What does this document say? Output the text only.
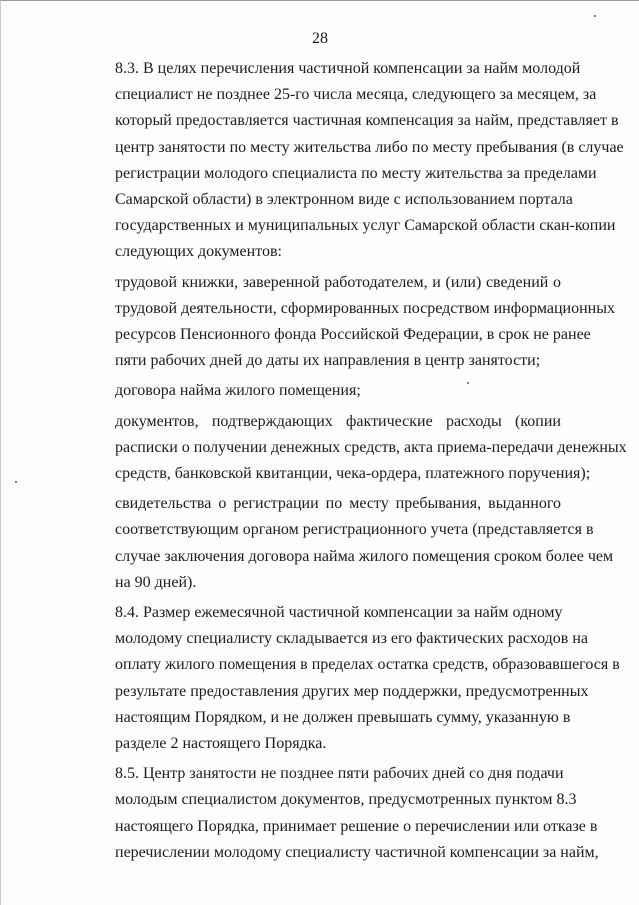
28
8.3. В целях перечисления частичной компенсации за найм молодой
специалист не позднее 25-го числа месяца, следующего за месяцем, за
который предоставляется частичная компенсация за найм, представляет в
центр занятости по месту жительства либо по месту пребывания (в случае
регистрации молодого специалиста по месту жительства за пределами
Самарской области) в электронном виде с использованием портала
государственных и муниципальных услуг Самарской области скан-копии
следующих документов:
трудовой книжки, заверенной работодателем, и (или) сведений о
трудовой деятельности, сформированных посредством информационных
ресурсов Пенсионного фонда Российской Федерации, в срок не ранее
пяти рабочих дней до даты их направления в центр занятости;
договора найма жилого помещения;
документов, подтверждающих фактические расходы (копии
расписки о получении денежных средств, акта приема-передачи денежных
средств, банковской квитанции, чека-ордера, платежного поручения);
свидетельства о регистрации по месту пребывания, выданного
соответствующим органом регистрационного учета (представляется в
случае заключения договора найма жилого помещения сроком более чем
на 90 дней).
8.4. Размер ежемесячной частичной компенсации за найм одному
молодому специалисту складывается из его фактических расходов на
оплату жилого помещения в пределах остатка средств, образовавшегося в
результате предоставления других мер поддержки, предусмотренных
настоящим Порядком, и не должен превышать сумму, указанную в
разделе 2 настоящего Порядка.
8.5. Центр занятости не позднее пяти рабочих дней со дня подачи
молодым специалистом документов, предусмотренных пунктом 8.3
настоящего Порядка, принимает решение о перечислении или отказе в
перечислении молодому специалисту частичной компенсации за найм,
